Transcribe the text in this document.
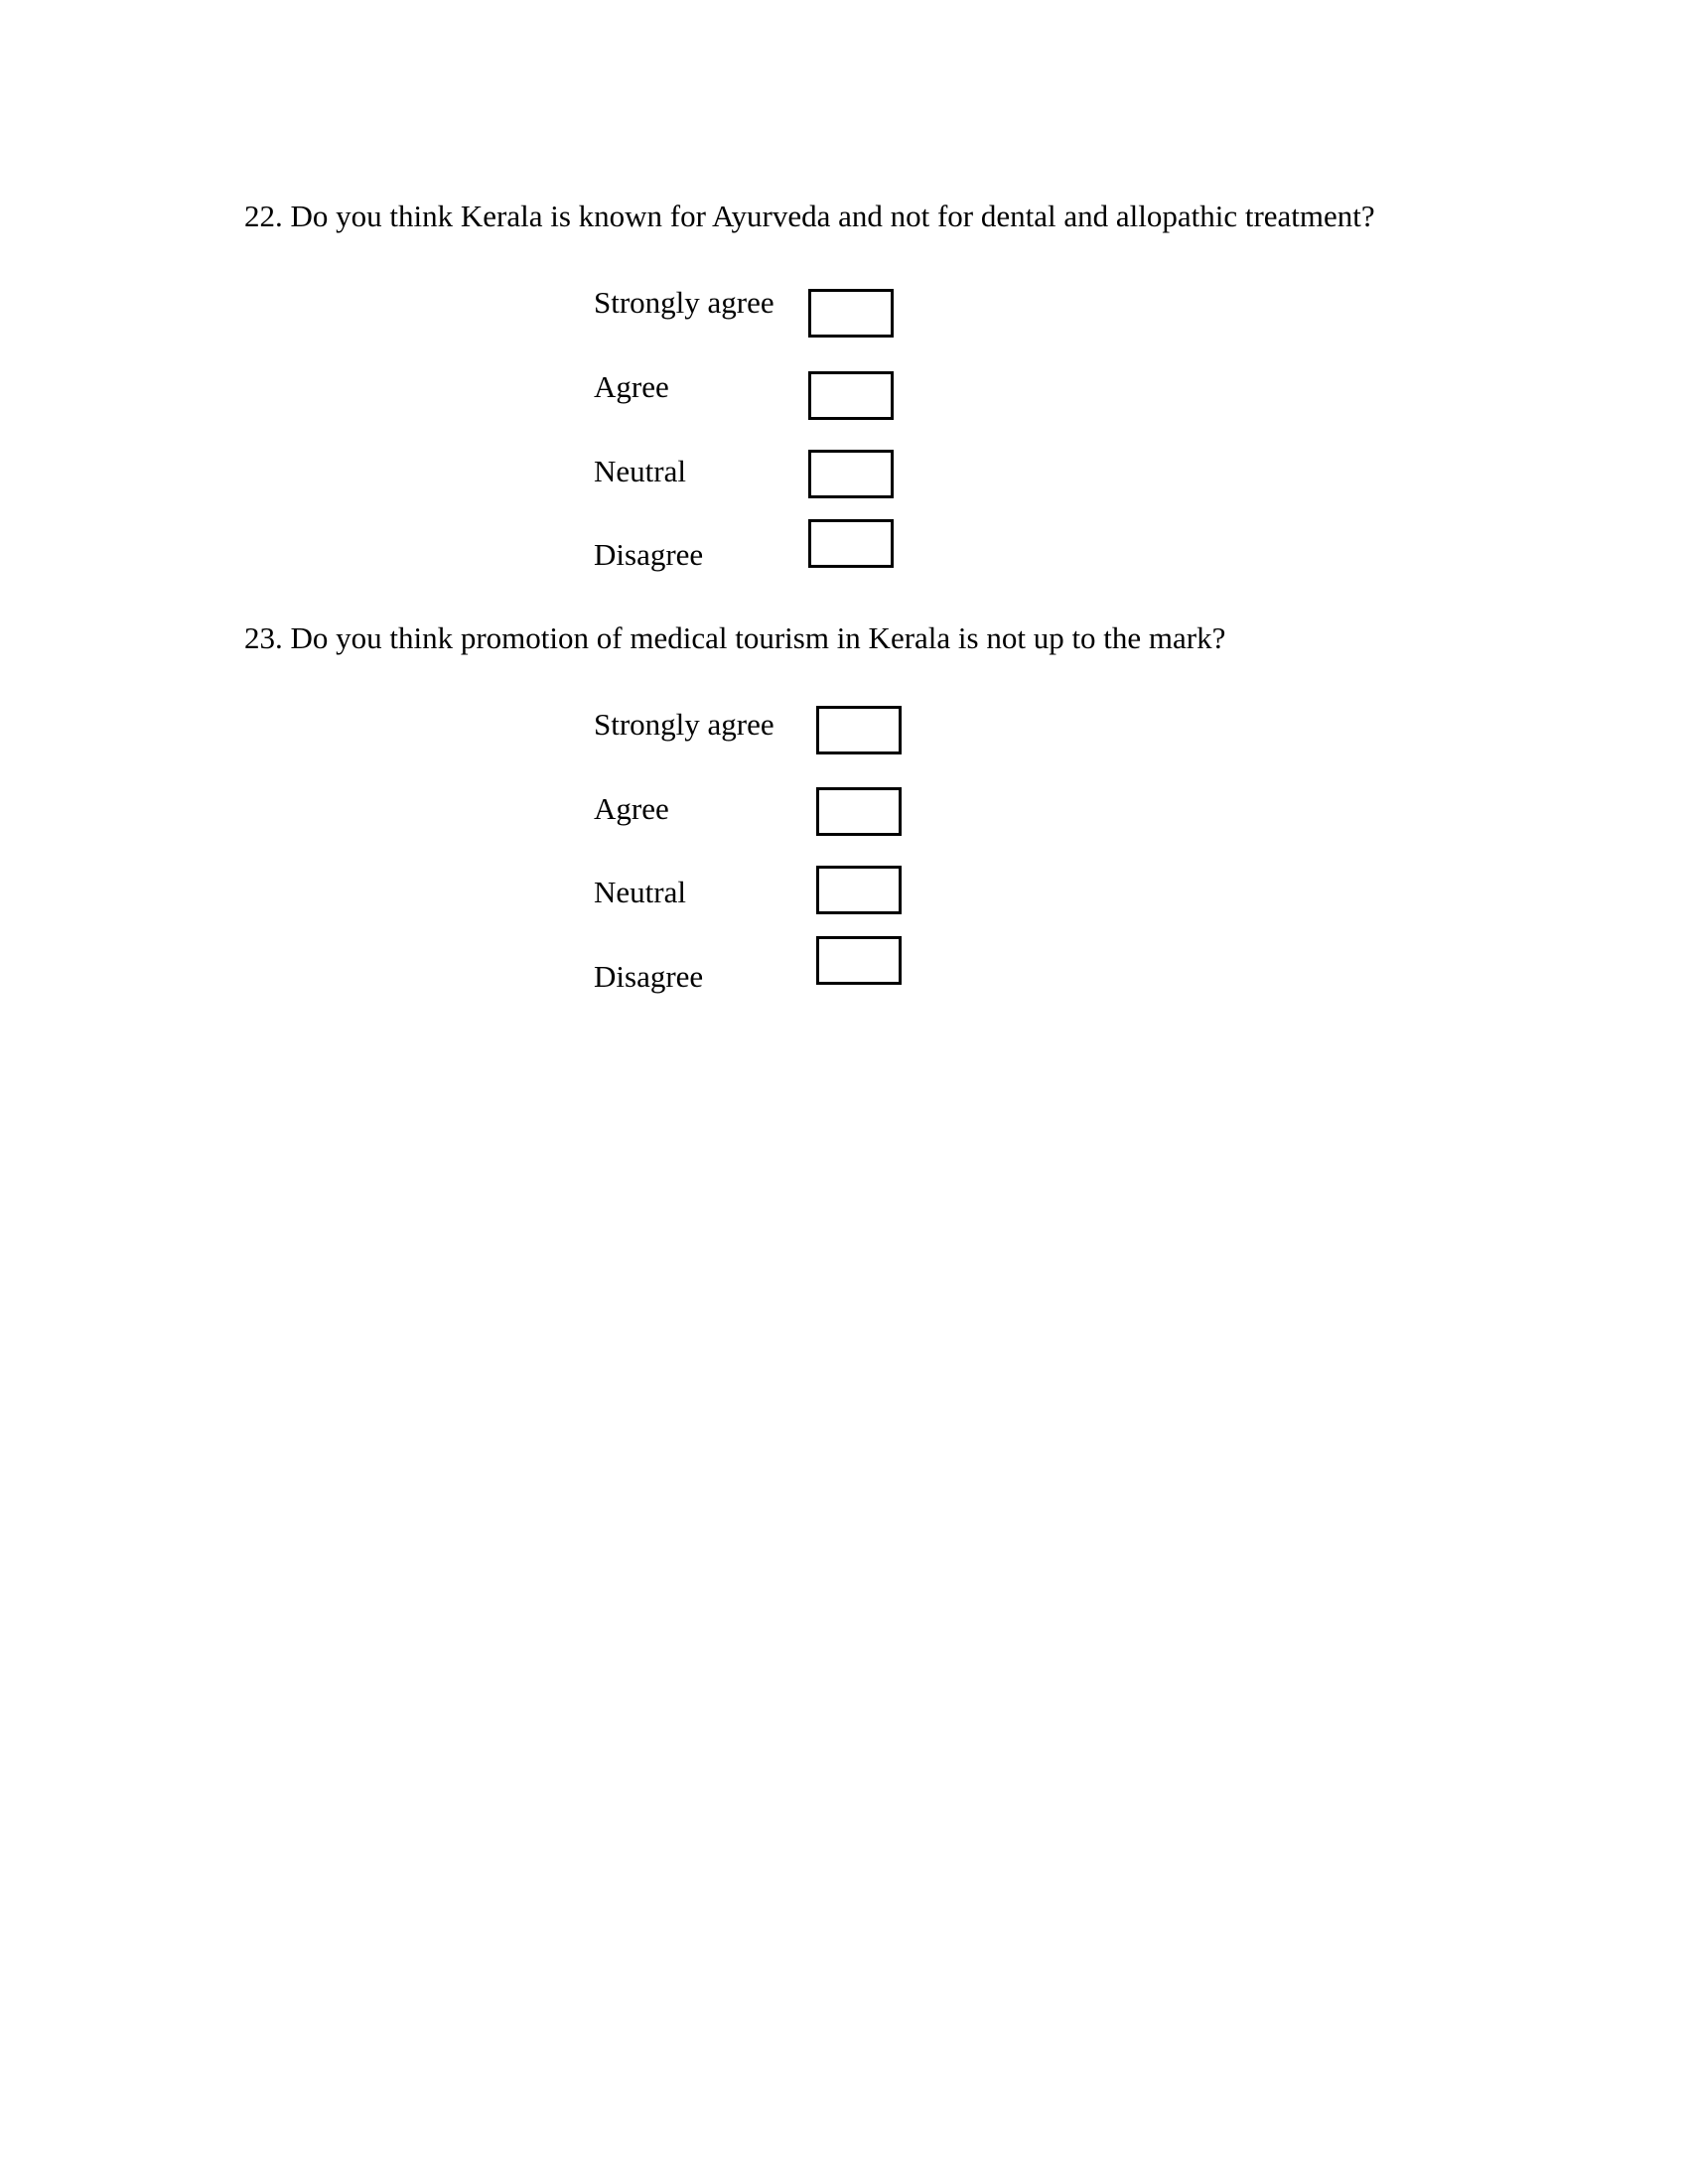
22. Do you think Kerala is known for Ayurveda and not for dental and allopathic treatment?
Strongly agree
Agree
Neutral
Disagree
23. Do you think promotion of medical tourism in Kerala is not up to the mark?
Strongly agree
Agree
Neutral
Disagree
